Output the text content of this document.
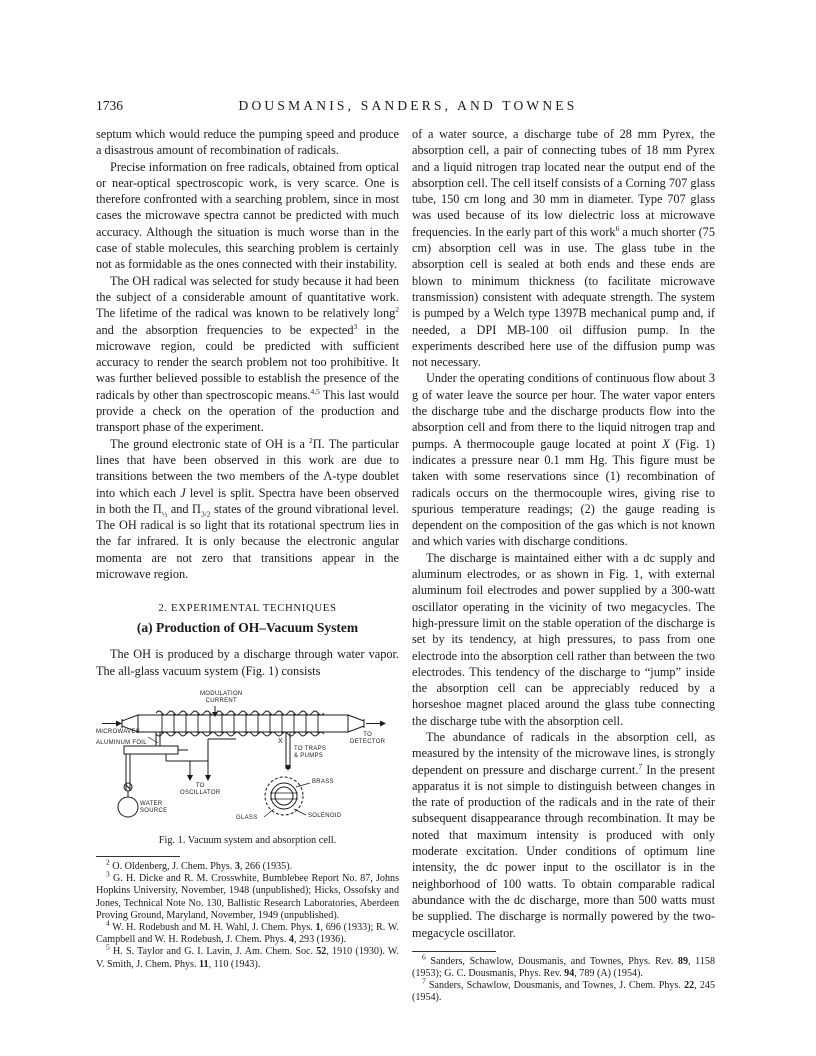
1736	DOUSMANIS, SANDERS, AND TOWNES

septum which would reduce the pumping speed and produce a disastrous amount of recombination of radicals.

Precise information on free radicals, obtained from optical or near-optical spectroscopic work, is very scarce. One is therefore confronted with a searching problem, since in most cases the microwave spectra cannot be predicted with much accuracy. Although the situation is much worse than in the case of stable molecules, this searching problem is certainly not as formidable as the ones connected with their instability.

The OH radical was selected for study because it had been the subject of a considerable amount of quantitative work. The lifetime of the radical was known to be relatively long$^2$ and the absorption frequencies to be expected$^3$ in the microwave region, could be predicted with sufficient accuracy to render the search problem not too prohibitive. It was further believed possible to establish the presence of the radicals by other than spectroscopic means.$^{4,5}$ This last would provide a check on the operation of the production and transport phase of the experiment.

The ground electronic state of OH is a $^2$Π. The particular lines that have been observed in this work are due to transitions between the two members of the Λ-type doublet into which each J level is split. Spectra have been observed in both the $\Pi_{\frac{1}{2}}$ and $\Pi_{3/2}$ states of the ground vibrational level. The OH radical is so light that its rotational spectrum lies in the far infrared. It is only because the electronic angular momenta are not zero that transitions appear in the microwave region.

2. EXPERIMENTAL TECHNIQUES
(a) Production of OH–Vacuum System

The OH is produced by a discharge through water vapor. The all-glass vacuum system (Fig. 1) consists

MODULATION
CURRENT
MICROWAVES
ALUMINUM FOIL
TO
DETECTOR
X
TO TRAPS
& PUMPS
TO
OSCILLATOR
BRASS
WATER
SOURCE
GLASS	SOLENOID
Fig. 1. Vacuum system and absorption cell.

$^2$ O. Oldenberg, J. Chem. Phys. 3, 266 (1935).

$^3$ G. H. Dicke and R. M. Crosswhite, Bumblebee Report No. 87, Johns Hopkins University, November, 1948 (unpublished); Hicks, Ossofsky and Jones, Technical Note No. 130, Ballistic Research Laboratories, Aberdeen Proving Ground, Maryland, November, 1949 (unpublished).

$^4$ W. H. Rodebush and M. H. Wahl, J. Chem. Phys. 1, 696 (1933); R. W. Campbell and W. H. Rodebush, J. Chem. Phys. 4, 293 (1936).

$^5$ H. S. Taylor and G. I. Lavin, J. Am. Chem. Soc. 52, 1910 (1930). W. V. Smith, J. Chem. Phys. 11, 110 (1943).

of a water source, a discharge tube of 28 mm Pyrex, the absorption cell, a pair of connecting tubes of 18 mm Pyrex and a liquid nitrogen trap located near the output end of the absorption cell. The cell itself consists of a Corning 707 glass tube, 150 cm long and 30 mm in diameter. Type 707 glass was used because of its low dielectric loss at microwave frequencies. In the early part of this work$^6$ a much shorter (75 cm) absorption cell was in use. The glass tube in the absorption cell is sealed at both ends and these ends are blown to minimum thickness (to facilitate microwave transmission) consistent with adequate strength. The system is pumped by a Welch type 1397B mechanical pump and, if needed, a DPI MB-100 oil diffusion pump. In the experiments described here use of the diffusion pump was not necessary.

Under the operating conditions of continuous flow about 3 g of water leave the source per hour. The water vapor enters the discharge tube and the discharge products flow into the absorption cell and from there to the liquid nitrogen trap and pumps. A thermocouple gauge located at point X (Fig. 1) indicates a pressure near 0.1 mm Hg. This figure must be taken with some reservations since (1) recombination of radicals occurs on the thermocouple wires, giving rise to spurious temperature readings; (2) the gauge reading is dependent on the composition of the gas which is not known and which varies with discharge conditions.

The discharge is maintained either with a dc supply and aluminum electrodes, or as shown in Fig. 1, with external aluminum foil electrodes and power supplied by a 300-watt oscillator operating in the vicinity of two megacycles. The high-pressure limit on the stable operation of the discharge is set by its tendency, at high pressures, to pass from one electrode into the absorption cell rather than between the two electrodes. This tendency of the discharge to “jump” inside the absorption cell can be appreciably reduced by a horseshoe magnet placed around the glass tube connecting the discharge tube with the absorption cell.

The abundance of radicals in the absorption cell, as measured by the intensity of the microwave lines, is strongly dependent on pressure and discharge current.$^7$ In the present apparatus it is not simple to distinguish between changes in the rate of production of the radicals and in the rate of their subsequent disappearance through recombination. It may be noted that maximum intensity is produced with only moderate excitation. Under conditions of optimum line intensity, the dc power input to the oscillator is in the neighborhood of 100 watts. To obtain comparable radical abundance with the dc discharge, more than 500 watts must be supplied. The discharge is normally powered by the two-megacycle oscillator.

$^6$ Sanders, Schawlow, Dousmanis, and Townes, Phys. Rev. 89, 1158 (1953); G. C. Dousmanis, Phys. Rev. 94, 789 (A) (1954).

$^7$ Sanders, Schawlow, Dousmanis, and Townes, J. Chem. Phys. 22, 245 (1954).
